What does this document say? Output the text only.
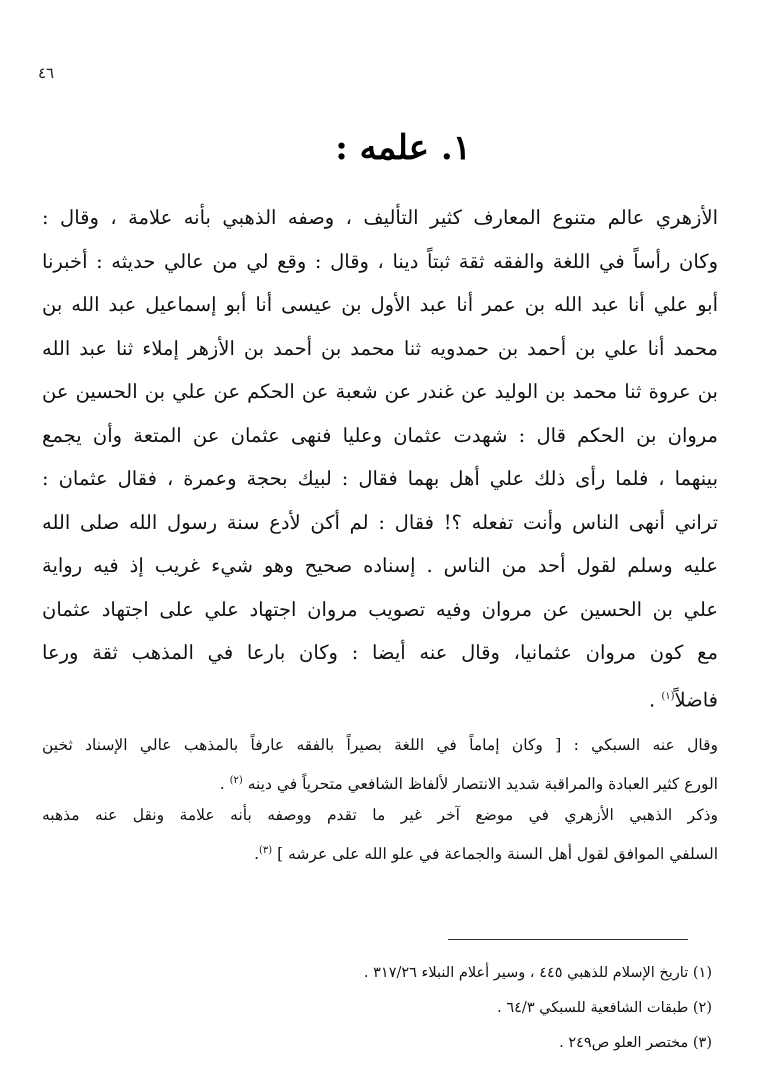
٤٦
١. علمه :
الأزهري عالم متنوع المعارف كثير التأليف ، وصفه الذهبي بأنه علامة ، وقال :
وكان رأساً في اللغة والفقه ثقة ثبتاً دينا ، وقال : وقع لي من عالي حديثه : أخبرنا
أبو علي أنا عبد الله بن عمر أنا عبد الأول بن عيسى أنا أبو إسماعيل عبد الله بن
محمد أنا علي بن أحمد بن حمدويه ثنا محمد بن أحمد بن الأزهر إملاء ثنا عبد الله
بن عروة ثنا محمد بن الوليد عن غندر عن شعبة عن الحكم عن علي بن الحسين عن
مروان بن الحكم قال : شهدت عثمان وعليا فنهى عثمان عن المتعة وأن يجمع
بينهما ، فلما رأى ذلك علي أهل بهما فقال : لبيك بحجة وعمرة ، فقال عثمان :
تراني أنهى الناس وأنت تفعله ؟! فقال : لم أكن لأدع سنة رسول الله صلى الله
عليه وسلم لقول أحد من الناس . إسناده صحيح وهو شيء غريب إذ فيه رواية
علي بن الحسين عن مروان وفيه تصويب مروان اجتهاد علي على اجتهاد عثمان
مع كون مروان عثمانيا، وقال عنه أيضا : وكان بارعا في المذهب ثقة ورعا
فاضلاً$^{(١)}$ .
وقال عنه السبكي : [ وكان إماماً في اللغة بصيراً بالفقه عارفاً بالمذهب عالي الإسناد ثخين
الورع كثير العبادة والمراقبة شديد الانتصار لألفاظ الشافعي متحرياً في دينه $^{(٢)}$ .
وذكر الذهبي الأزهري في موضع آخر غير ما تقدم ووصفه بأنه علامة ونقل عنه مذهبه
السلفي الموافق لقول أهل السنة والجماعة في علو الله على عرشه ] $^{(٣)}$.
(١) تاريخ الإسلام للذهبي ٤٤٥ ، وسير أعلام النبلاء ٣١٧/٢٦ .
(٢) طبقات الشافعية للسبكي ٦٤/٣ .
(٣) مختصر العلو ص٢٤٩ .
